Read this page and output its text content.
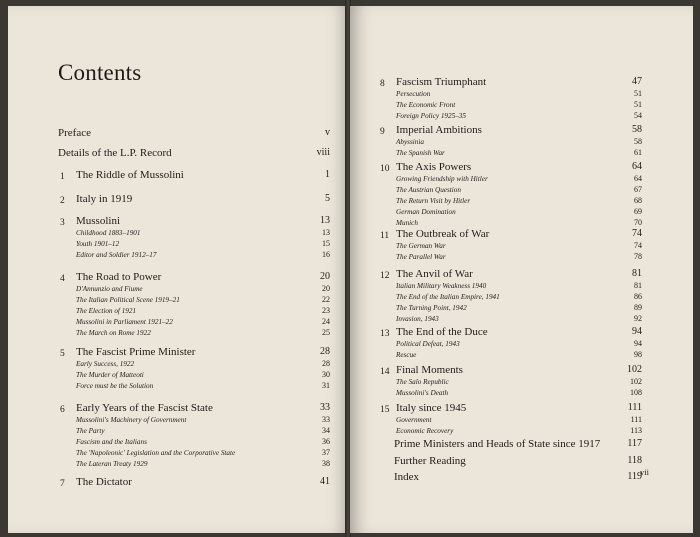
Contents
Preface	v
Details of the L.P. Record	viii
1 The Riddle of Mussolini	1
2 Italy in 1919	5
3 Mussolini	13
Childhood 1883–1901	13
Youth 1901–12	15
Editor and Soldier 1912–17	16
4 The Road to Power	20
D'Annunzio and Fiume	20
The Italian Political Scene 1919–21	22
The Election of 1921	23
Mussolini in Parliament 1921–22	24
The March on Rome 1922	25
5 The Fascist Prime Minister	28
Early Success, 1922	28
The Murder of Matteoti	30
Force must be the Solution	31
6 Early Years of the Fascist State	33
Mussolini's Machinery of Government	33
The Party	34
Fascism and the Italians	36
The 'Napoleonic' Legislation and the Corporative State	37
The Lateran Treaty 1929	38
7 The Dictator	41
8 Fascism Triumphant	47
Persecution	51
The Economic Front	51
Foreign Policy 1925–35	54
9 Imperial Ambitions	58
Abyssinia	58
The Spanish War	61
10 The Axis Powers	64
Growing Friendship with Hitler	64
The Austrian Question	67
The Return Visit by Hitler	68
German Domination	69
Munich	70
11 The Outbreak of War	74
The German War	74
The Parallel War	78
12 The Anvil of War	81
Italian Military Weakness 1940	81
The End of the Italian Empire, 1941	86
The Turning Point, 1942	89
Invasion, 1943	92
13 The End of the Duce	94
Political Defeat, 1943	94
Rescue	98
14 Final Moments	102
The Salo Republic	102
Mussolini's Death	108
15 Italy since 1945	111
Government	111
Economic Recovery	113
Prime Ministers and Heads of State since 1917	117
Further Reading	118
Index	119
vii
